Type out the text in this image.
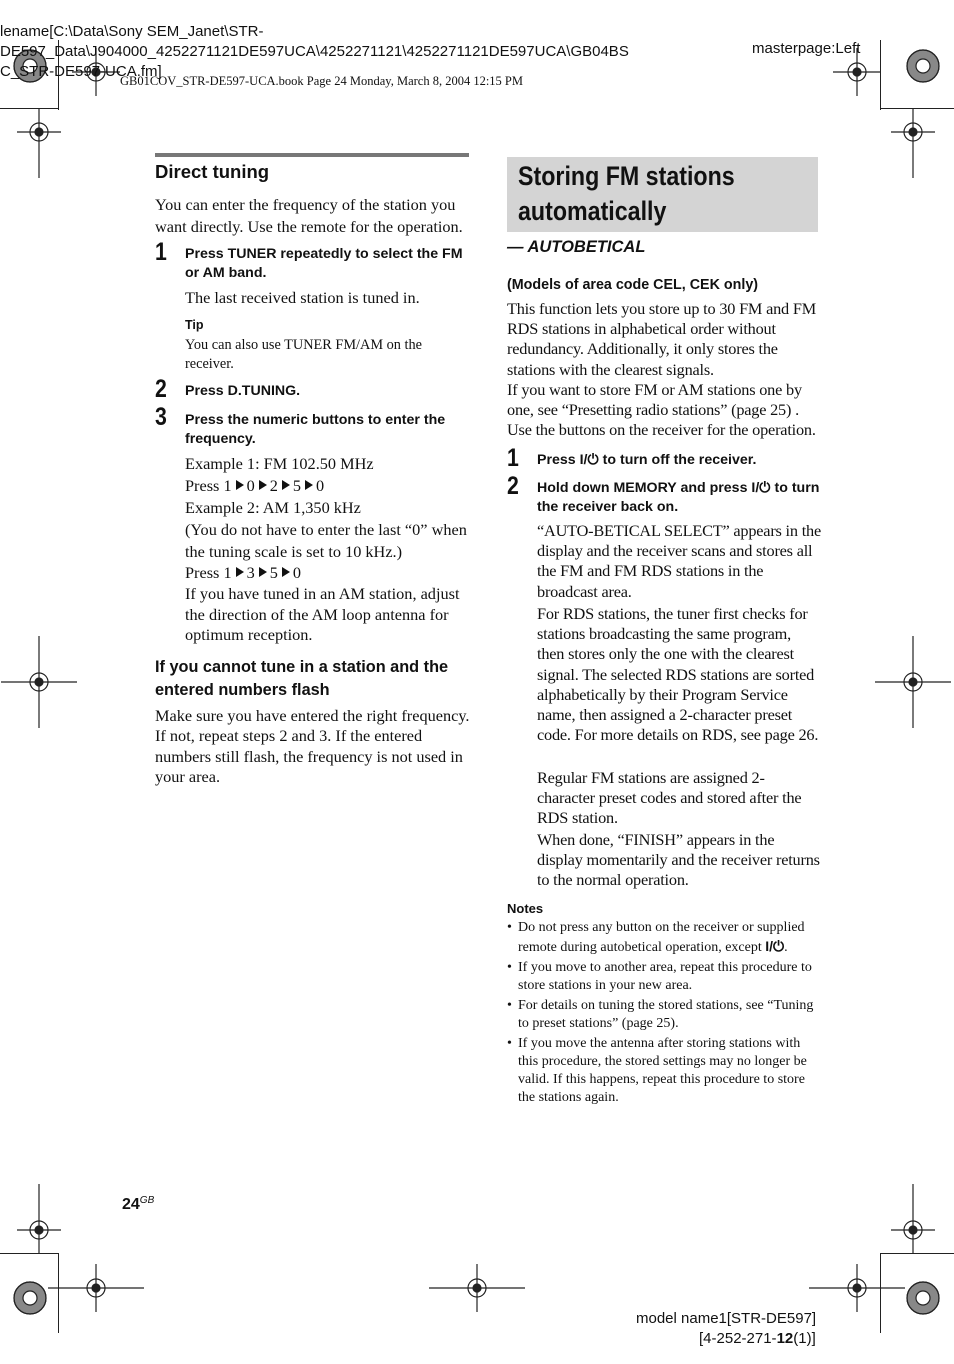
lename[C:\Data\Sony SEM_Janet\STR-
DE597_Data\J904000_4252271121DE597UCA\4252271121\4252271121DE597UCA\GB04BS
C_STR-DE597-UCA.fm]
masterpage:Left
GB01COV_STR-DE597-UCA.book Page 24 Monday, March 8, 2004 12:15 PM
Direct tuning
You can enter the frequency of the station you want directly. Use the remote for the operation.
1 Press TUNER repeatedly to select the FM or AM band.
The last received station is tuned in.
Tip
You can also use TUNER FM/AM on the receiver.
2 Press D.TUNING.
3 Press the numeric buttons to enter the frequency.
Example 1: FM 102.50 MHz
Press 1 0 2 5 0
Example 2: AM 1,350 kHz
(You do not have to enter the last “0” when the tuning scale is set to 10 kHz.)
Press 1 3 5 0
If you have tuned in an AM station, adjust the direction of the AM loop antenna for optimum reception.
If you cannot tune in a station and the entered numbers flash
Make sure you have entered the right frequency. If not, repeat steps 2 and 3. If the entered numbers still flash, the frequency is not used in your area.
Storing FM stations automatically
— AUTOBETICAL
(Models of area code CEL, CEK only)
This function lets you store up to 30 FM and FM RDS stations in alphabetical order without redundancy. Additionally, it only stores the stations with the clearest signals.
If you want to store FM or AM stations one by one, see “Presetting radio stations” (page 25) . Use the buttons on the receiver for the operation.
1 Press I/⏻ to turn off the receiver.
2 Hold down MEMORY and press I/⏻ to turn the receiver back on.
“AUTO-BETICAL SELECT” appears in the display and the receiver scans and stores all the FM and FM RDS stations in the broadcast area.
For RDS stations, the tuner first checks for stations broadcasting the same program, then stores only the one with the clearest signal. The selected RDS stations are sorted alphabetically by their Program Service name, then assigned a 2-character preset code. For more details on RDS, see page 26.
Regular FM stations are assigned 2-character preset codes and stored after the RDS station.
When done, “FINISH” appears in the display momentarily and the receiver returns to the normal operation.
Notes
• Do not press any button on the receiver or supplied remote during autobetical operation, except I/⏻.
• If you move to another area, repeat this procedure to store stations in your new area.
• For details on tuning the stored stations, see “Tuning to preset stations” (page 25).
• If you move the antenna after storing stations with this procedure, the stored settings may no longer be valid. If this happens, repeat this procedure to store the stations again.
$24^{GB}$
model name1[STR-DE597]
[4-252-271-12(1)]
